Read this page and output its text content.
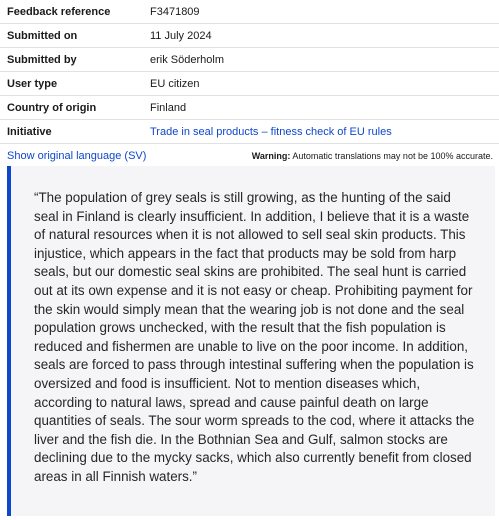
Feedback reference	F3471809
Submitted on	11 July 2024
Submitted by	erik Söderholm
User type	EU citizen
Country of origin	Finland
Initiative	Trade in seal products – fitness check of EU rules
Show original language (SV)	Warning: Automatic translations may not be 100% accurate.

“The population of grey seals is still growing, as the hunting of the said seal in Finland is clearly insufficient. In addition, I believe that it is a waste of natural resources when it is not allowed to sell seal skin products. This injustice, which appears in the fact that products may be sold from harp seals, but our domestic seal skins are prohibited. The seal hunt is carried out at its own expense and it is not easy or cheap. Prohibiting payment for the skin would simply mean that the wearing job is not done and the seal population grows unchecked, with the result that the fish population is reduced and fishermen are unable to live on the poor income. In addition, seals are forced to pass through intestinal suffering when the population is oversized and food is insufficient. Not to mention diseases which, according to natural laws, spread and cause painful death on large quantities of seals. The sour worm spreads to the cod, where it attacks the liver and the fish die. In the Bothnian Sea and Gulf, salmon stocks are declining due to the mycky sacks, which also currently benefit from closed areas in all Finnish waters.”
